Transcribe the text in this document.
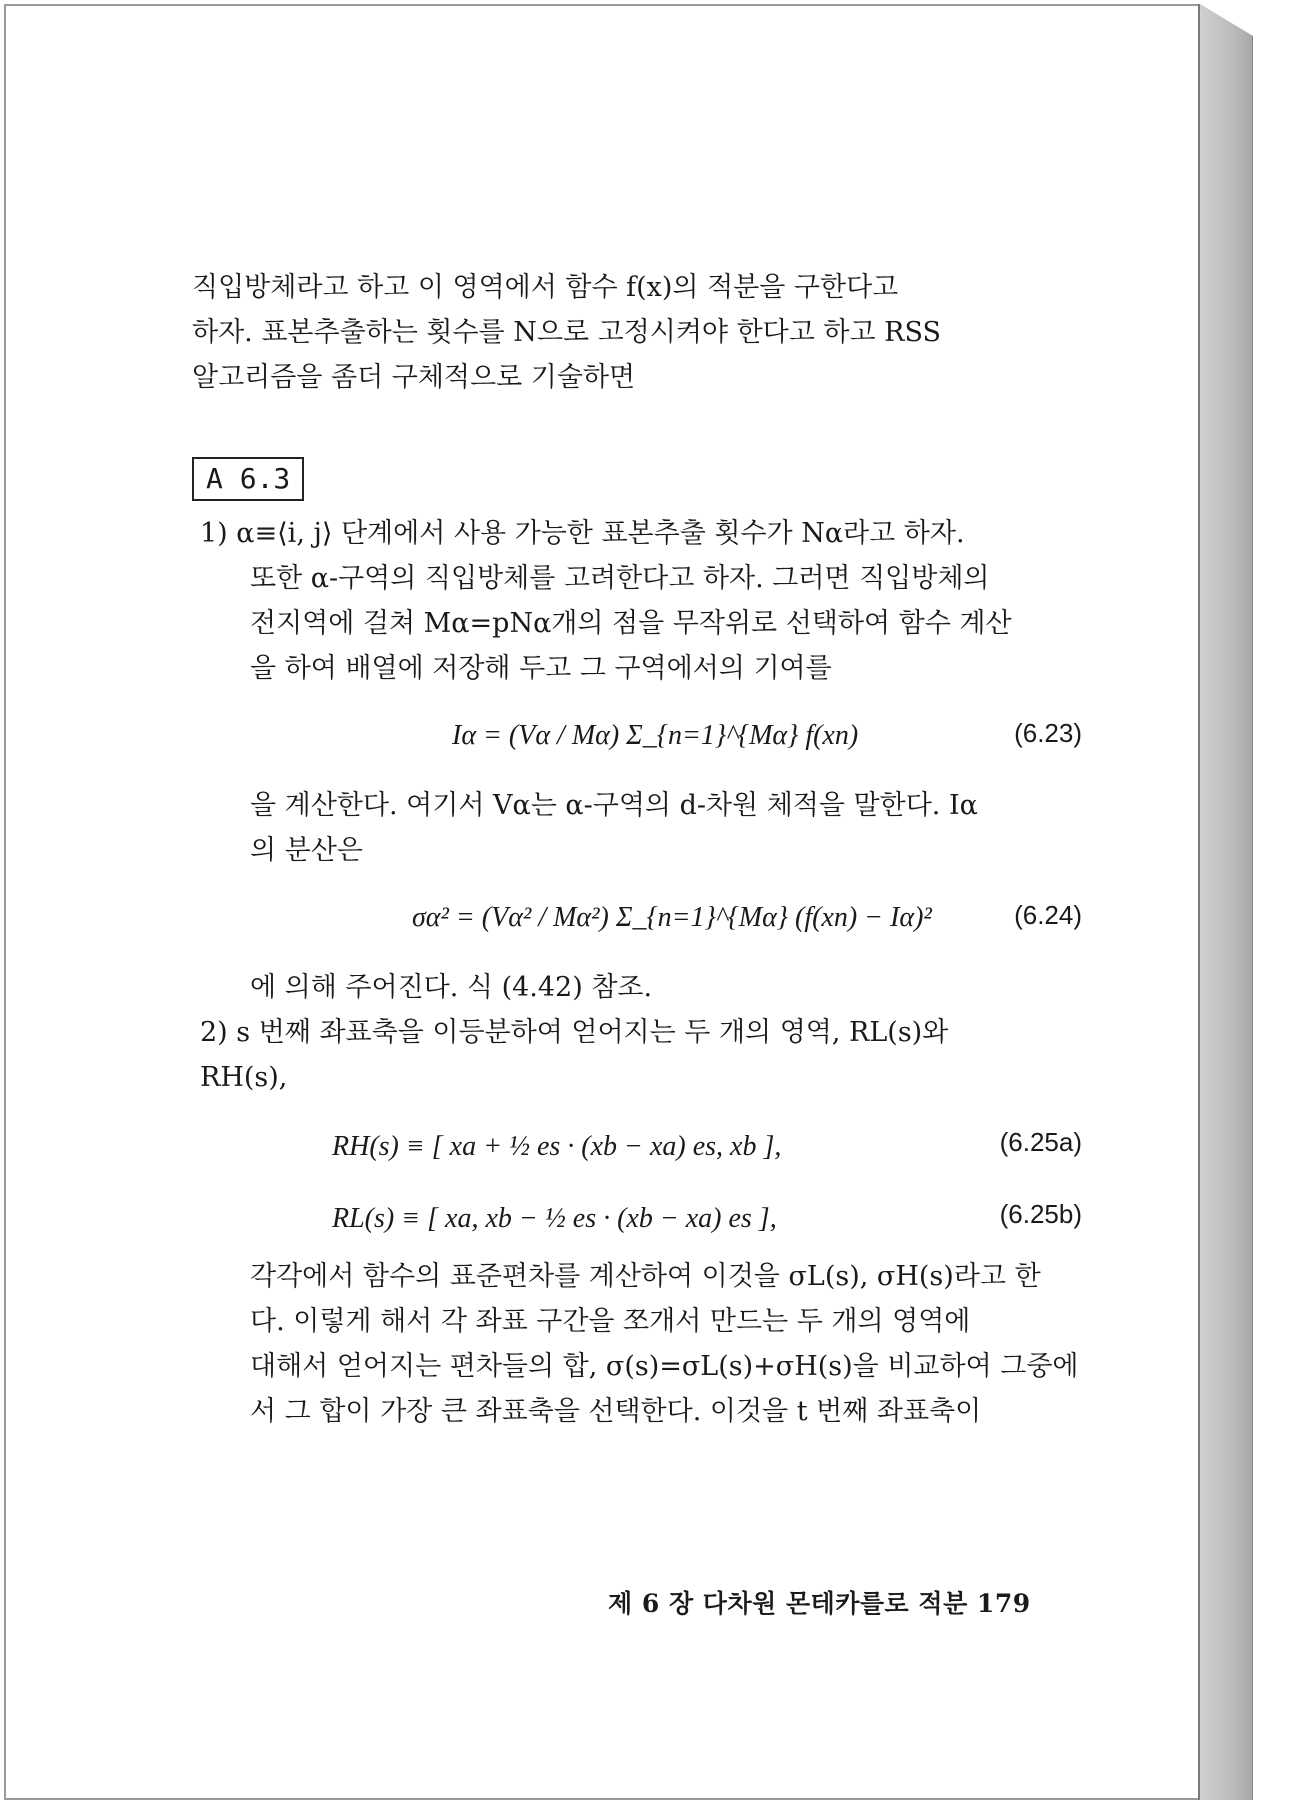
직입방체라고 하고 이 영역에서 함수 f(x)의 적분을 구한다고

하자. 표본추출하는 횟수를 N으로 고정시켜야 한다고 하고 RSS

알고리즘을 좀더 구체적으로 기술하면

A 6.3

1) α≡⟨i, j⟩ 단계에서 사용 가능한 표본추출 횟수가 Nα라고 하자.

또한 α-구역의 직입방체를 고려한다고 하자. 그러면 직입방체의

전지역에 걸쳐 Mα=pNα개의 점을 무작위로 선택하여 함수 계산

을 하여 배열에 저장해 두고 그 구역에서의 기여를

Iα = (Vα / Mα) Σ_{n=1}^{Mα} f(xn)	(6.23)

을 계산한다. 여기서 Vα는 α-구역의 d-차원 체적을 말한다. Iα

의 분산은

σα² = (Vα² / Mα²) Σ_{n=1}^{Mα} (f(xn) − Iα)²	(6.24)

에 의해 주어진다. 식 (4.42) 참조.

2) s 번째 좌표축을 이등분하여 얻어지는 두 개의 영역, RL(s)와

RH(s),

RH(s) ≡ [ xa + ½ es · (xb − xa) es, xb ],	(6.25a)
RL(s) ≡ [ xa, xb − ½ es · (xb − xa) es ],	(6.25b)

각각에서 함수의 표준편차를 계산하여 이것을 σL(s), σH(s)라고 한

다. 이렇게 해서 각 좌표 구간을 쪼개서 만드는 두 개의 영역에

대해서 얻어지는 편차들의 합, σ(s)=σL(s)+σH(s)을 비교하여 그중에

서 그 합이 가장 큰 좌표축을 선택한다. 이것을 t 번째 좌표축이

제 6 장 다차원 몬테카를로 적분 179
